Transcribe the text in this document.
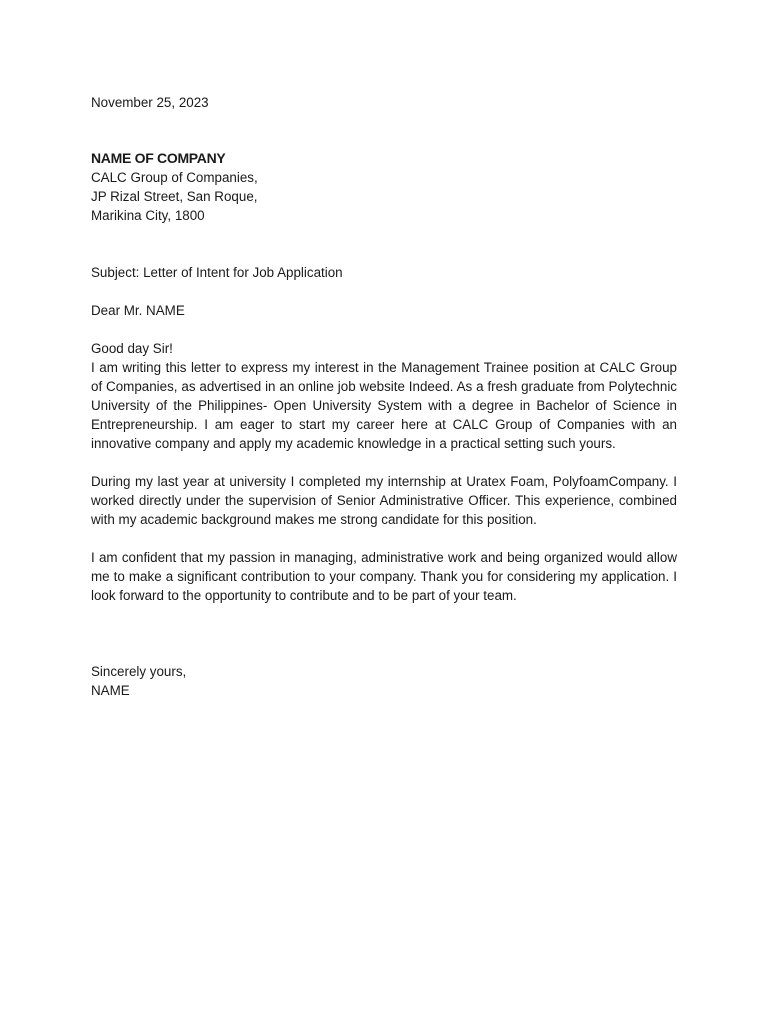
November 25, 2023
NAME OF COMPANY
CALC Group of Companies,
JP Rizal Street, San Roque,
Marikina City, 1800
Subject: Letter of Intent for Job Application
Dear Mr. NAME
Good day Sir!

I am writing this letter to express my interest in the Management Trainee position at CALC Group of Companies, as advertised in an online job website Indeed. As a fresh graduate from Polytechnic University of the Philippines- Open University System with a degree in Bachelor of Science in Entrepreneurship. I am eager to start my career here at CALC Group of Companies with an innovative company and apply my academic knowledge in a practical setting such yours.

During my last year at university I completed my internship at Uratex Foam, PolyfoamCompany. I worked directly under the supervision of Senior Administrative Officer. This experience, combined with my academic background makes me strong candidate for this position.

I am confident that my passion in managing, administrative work and being organized would allow me to make a significant contribution to your company. Thank you for considering my application. I look forward to the opportunity to contribute and to be part of your team.

Sincerely yours,
NAME
